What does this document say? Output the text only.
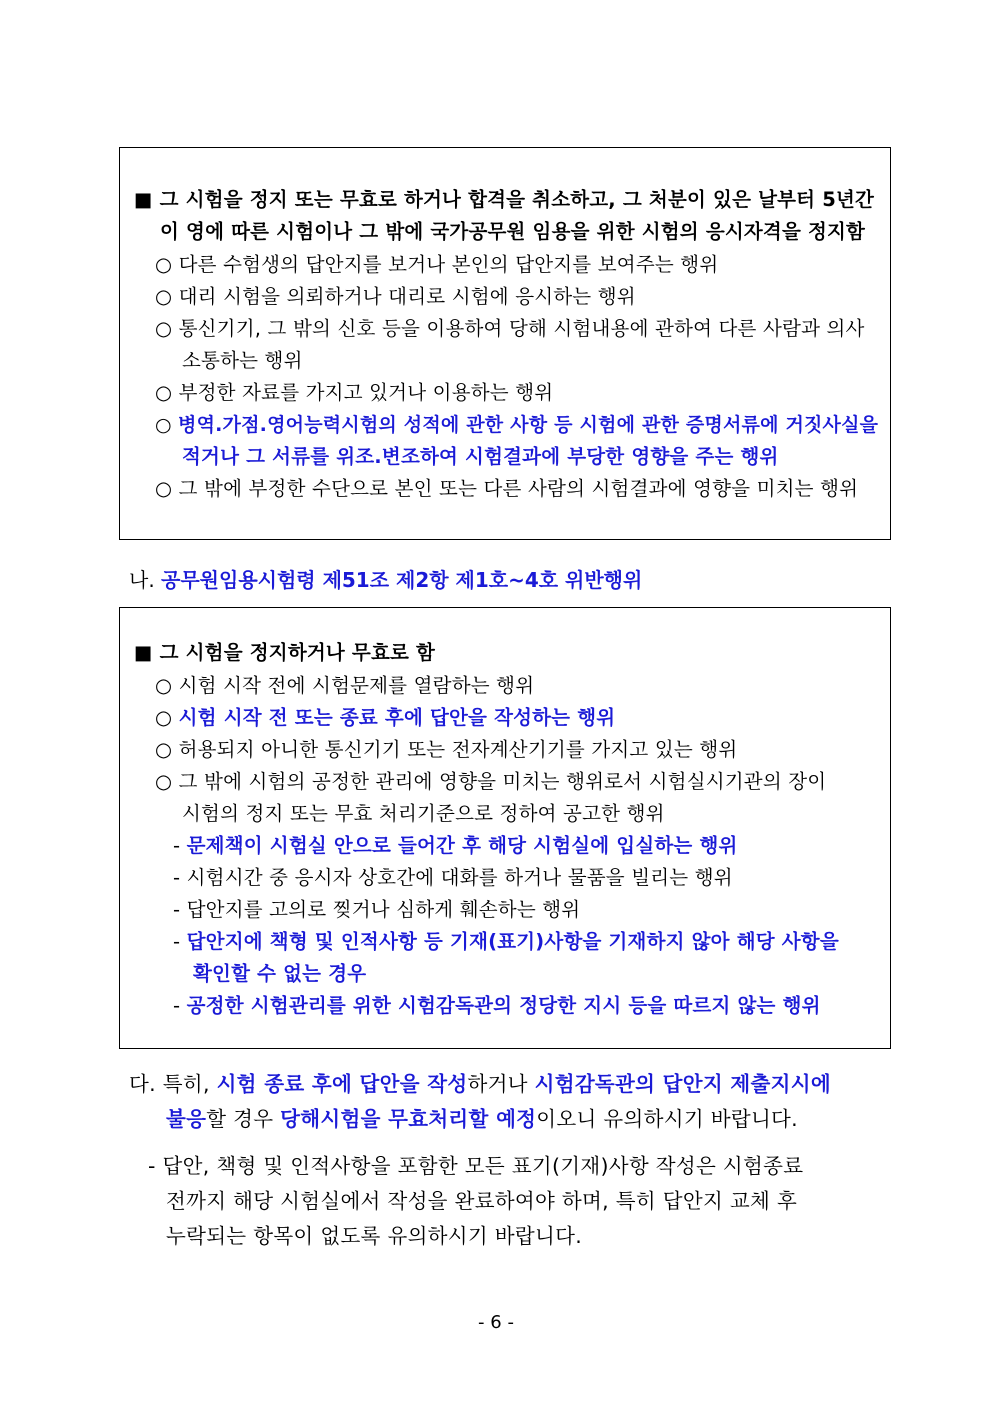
■ 그 시험을 정지 또는 무효로 하거나 합격을 취소하고, 그 처분이 있은 날부터 5년간
이 영에 따른 시험이나 그 밖에 국가공무원 임용을 위한 시험의 응시자격을 정지함
○ 다른 수험생의 답안지를 보거나 본인의 답안지를 보여주는 행위
○ 대리 시험을 의뢰하거나 대리로 시험에 응시하는 행위
○ 통신기기, 그 밖의 신호 등을 이용하여 당해 시험내용에 관하여 다른 사람과 의사
소통하는 행위
○ 부정한 자료를 가지고 있거나 이용하는 행위
○ 병역.가점.영어능력시험의 성적에 관한 사항 등 시험에 관한 증명서류에 거짓사실을
적거나 그 서류를 위조.변조하여 시험결과에 부당한 영향을 주는 행위
○ 그 밖에 부정한 수단으로 본인 또는 다른 사람의 시험결과에 영향을 미치는 행위
나. 공무원임용시험령 제51조 제2항 제1호~4호 위반행위
■ 그 시험을 정지하거나 무효로 함
○ 시험 시작 전에 시험문제를 열람하는 행위
○ 시험 시작 전 또는 종료 후에 답안을 작성하는 행위
○ 허용되지 아니한 통신기기 또는 전자계산기기를 가지고 있는 행위
○ 그 밖에 시험의 공정한 관리에 영향을 미치는 행위로서 시험실시기관의 장이
시험의 정지 또는 무효 처리기준으로 정하여 공고한 행위
- 문제책이 시험실 안으로 들어간 후 해당 시험실에 입실하는 행위
- 시험시간 중 응시자 상호간에 대화를 하거나 물품을 빌리는 행위
- 답안지를 고의로 찢거나 심하게 훼손하는 행위
- 답안지에 책형 및 인적사항 등 기재(표기)사항을 기재하지 않아 해당 사항을
확인할 수 없는 경우
- 공정한 시험관리를 위한 시험감독관의 정당한 지시 등을 따르지 않는 행위
다. 특히, 시험 종료 후에 답안을 작성하거나 시험감독관의 답안지 제출지시에
불응할 경우 당해시험을 무효처리할 예정이오니 유의하시기 바랍니다.
- 답안, 책형 및 인적사항을 포함한 모든 표기(기재)사항 작성은 시험종료
전까지 해당 시험실에서 작성을 완료하여야 하며, 특히 답안지 교체 후
누락되는 항목이 없도록 유의하시기 바랍니다.
- 6 -
